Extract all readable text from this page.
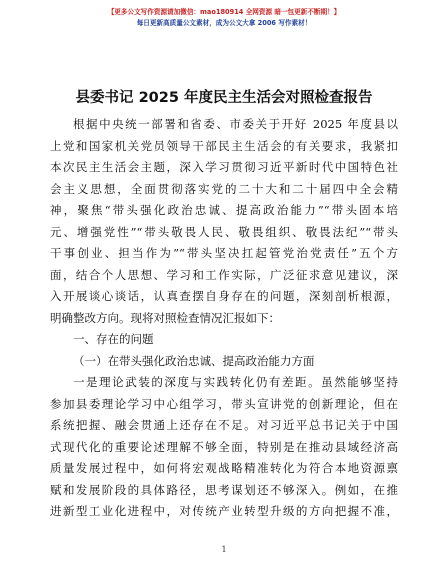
【更多公文写作资源请加微信：mao180914 全网资源 暗一包更新不断期！】
每日更新高质量公文素材，成为公文大拿 2006 写作素材！
县委书记 2025 年度民主生活会对照检查报告
根据中央统一部署和省委、市委关于开好 2025 年度县以
上党和国家机关党员领导干部民主生活会的有关要求，我紧扣
本次民主生活会主题，深入学习贯彻习近平新时代中国特色社
会主义思想，全面贯彻落实党的二十大和二十届四中全会精
神，聚焦“带头强化政治忠诚、提高政治能力”“带头固本培
元、增强党性”“带头敬畏人民、敬畏组织、敬畏法纪”“带头
干事创业、担当作为”“带头坚决扛起管党治党责任”五个方
面，结合个人思想、学习和工作实际，广泛征求意见建议，深
入开展谈心谈话，认真查摆自身存在的问题，深刻剖析根源，
明确整改方向。现将对照检查情况汇报如下：
一、存在的问题
（一）在带头强化政治忠诚、提高政治能力方面
一是理论武装的深度与实践转化仍有差距。虽然能够坚持
参加县委理论学习中心组学习，带头宣讲党的创新理论，但在
系统把握、融会贯通上还存在不足。对习近平总书记关于中国
式现代化的重要论述理解不够全面，特别是在推动县域经济高
质量发展过程中，如何将宏观战略精准转化为符合本地资源禀
赋和发展阶段的具体路径，思考谋划还不够深入。例如，在推
进新型工业化进程中，对传统产业转型升级的方向把握不准，
1
